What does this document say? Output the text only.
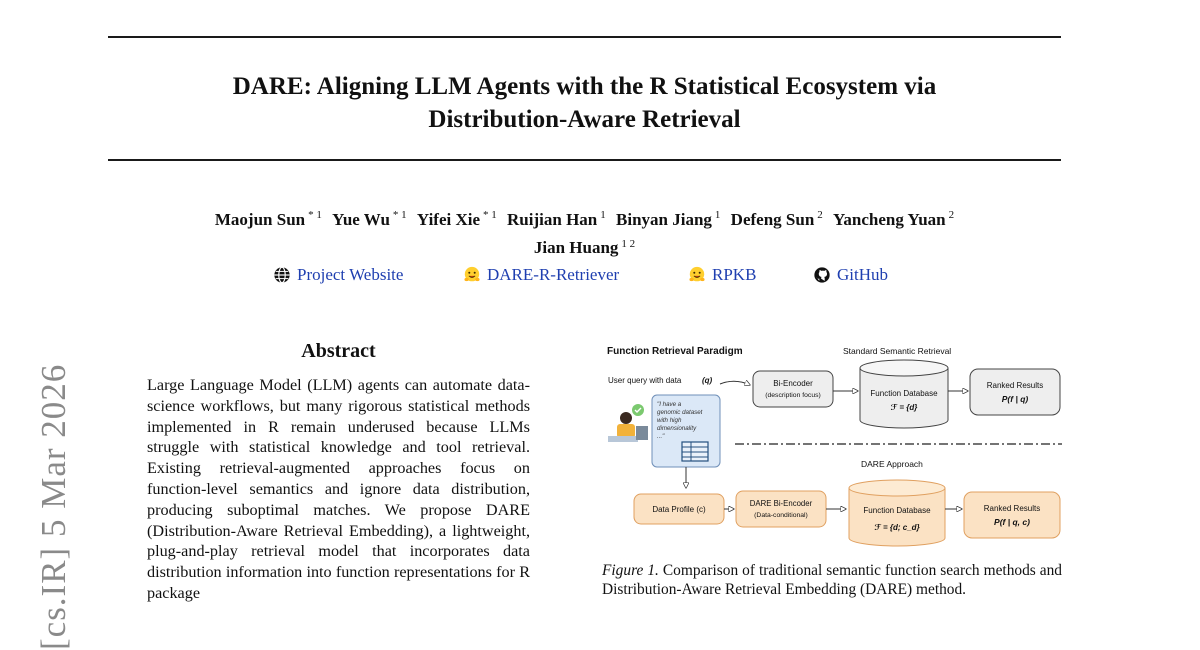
DARE: Aligning LLM Agents with the R Statistical Ecosystem via
Distribution-Aware Retrieval
Maojun Sun $^{* 1}$ Yue Wu $^{* 1}$ Yifei Xie $^{* 1}$ Ruijian Han $^1$ Binyan Jiang $^1$ Defeng Sun $^2$ Yancheng Yuan $^2$
Jian Huang $^{1 2}$
Project Website	DARE-R-Retriever	RPKB	GitHub
[cs.IR] 5 Mar 2026
Abstract
Large Language Model (LLM) agents can automate data-science workflows, but many rigorous statistical methods implemented in R remain underused because LLMs struggle with statistical knowledge and tool retrieval. Existing retrieval-augmented approaches focus on function-level semantics and ignore data distribution, producing suboptimal matches. We propose DARE (Distribution-Aware Retrieval Embedding), a lightweight, plug-and-play retrieval model that incorporates data distribution information into function representations for R package
Function Retrieval Paradigm	Standard Semantic Retrieval
User query with data	(q)
"I have a genomic dataset with high dimensionality ..."
Bi-Encoder
(description focus)	Function Database
ℱ = {d}
Ranked Results
P(f | q)
DARE Approach
Data Profile (c)
DARE Bi-Encoder
(Data-conditional)
Function Database
ℱ = {d; c_d}
Ranked Results
P(f | q, c)
Figure 1. Comparison of traditional semantic function search methods and Distribution-Aware Retrieval Embedding (DARE) method.
